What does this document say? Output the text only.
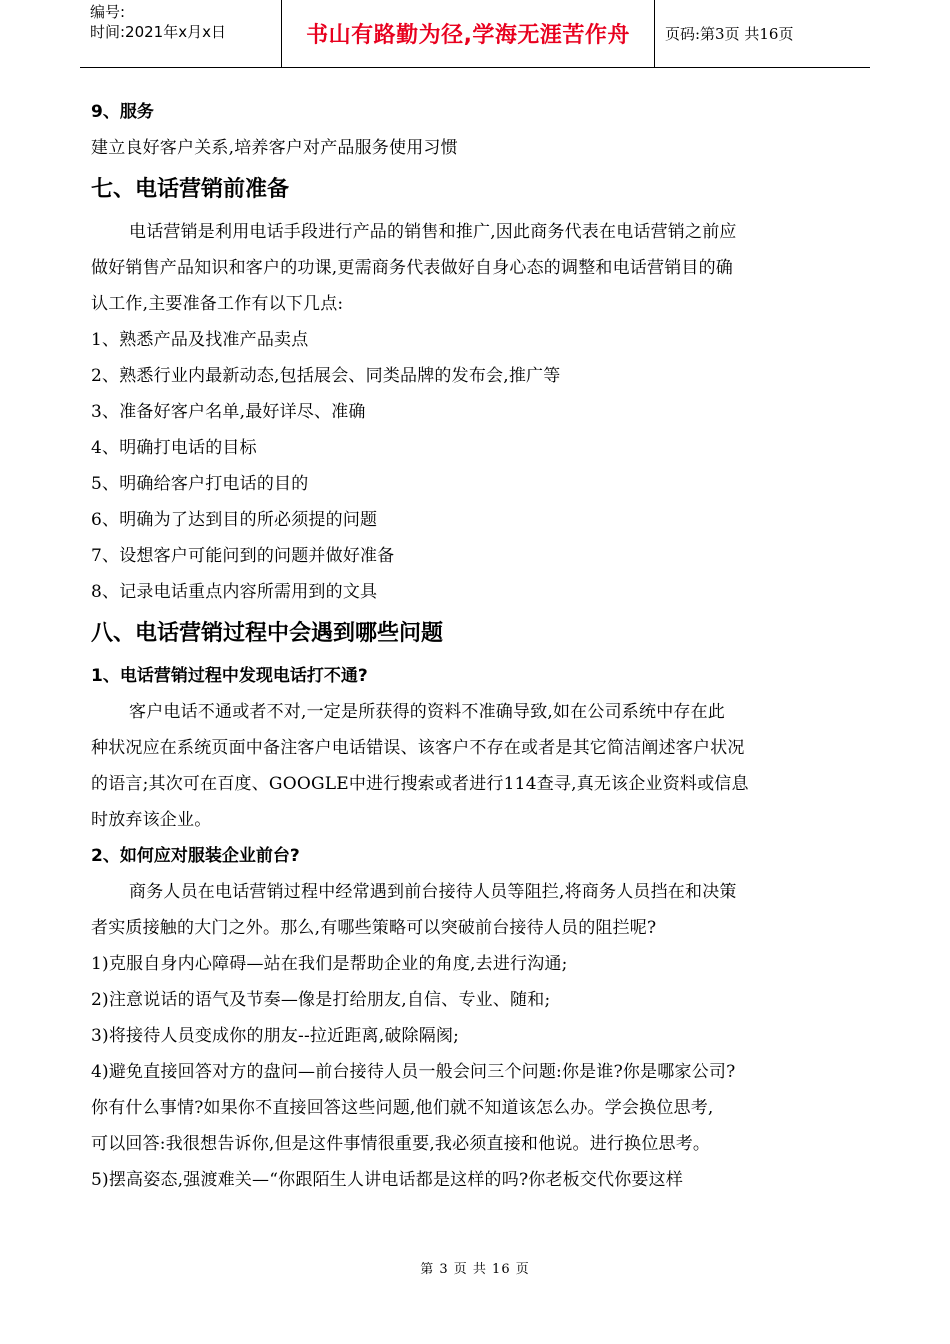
编号:
时间:2021年x月x日	书山有路勤为径,学海无涯苦作舟 页码:第3页 共16页
9、服务
建立良好客户关系,培养客户对产品服务使用习惯
七、电话营销前准备
电话营销是利用电话手段进行产品的销售和推广,因此商务代表在电话营销之前应
做好销售产品知识和客户的功课,更需商务代表做好自身心态的调整和电话营销目的确
认工作,主要准备工作有以下几点:
1、熟悉产品及找准产品卖点
2、熟悉行业内最新动态,包括展会、同类品牌的发布会,推广等
3、准备好客户名单,最好详尽、准确
4、明确打电话的目标
5、明确给客户打电话的目的
6、明确为了达到目的所必须提的问题
7、设想客户可能问到的问题并做好准备
8、记录电话重点内容所需用到的文具
八、电话营销过程中会遇到哪些问题
1、电话营销过程中发现电话打不通?
客户电话不通或者不对,一定是所获得的资料不准确导致,如在公司系统中存在此
种状况应在系统页面中备注客户电话错误、该客户不存在或者是其它简洁阐述客户状况
的语言;其次可在百度、GOOGLE中进行搜索或者进行114查寻,真无该企业资料或信息
时放弃该企业。
2、如何应对服装企业前台?
商务人员在电话营销过程中经常遇到前台接待人员等阻拦,将商务人员挡在和决策
者实质接触的大门之外。那么,有哪些策略可以突破前台接待人员的阻拦呢?
1)克服自身内心障碍—站在我们是帮助企业的角度,去进行沟通;
2)注意说话的语气及节奏—像是打给朋友,自信、专业、随和;
3)将接待人员变成你的朋友--拉近距离,破除隔阂;
4)避免直接回答对方的盘问—前台接待人员一般会问三个问题:你是谁?你是哪家公司?
你有什么事情?如果你不直接回答这些问题,他们就不知道该怎么办。学会换位思考,
可以回答:我很想告诉你,但是这件事情很重要,我必须直接和他说。进行换位思考。
5)摆高姿态,强渡难关—“你跟陌生人讲电话都是这样的吗?你老板交代你要这样
第 3 页 共 16 页
